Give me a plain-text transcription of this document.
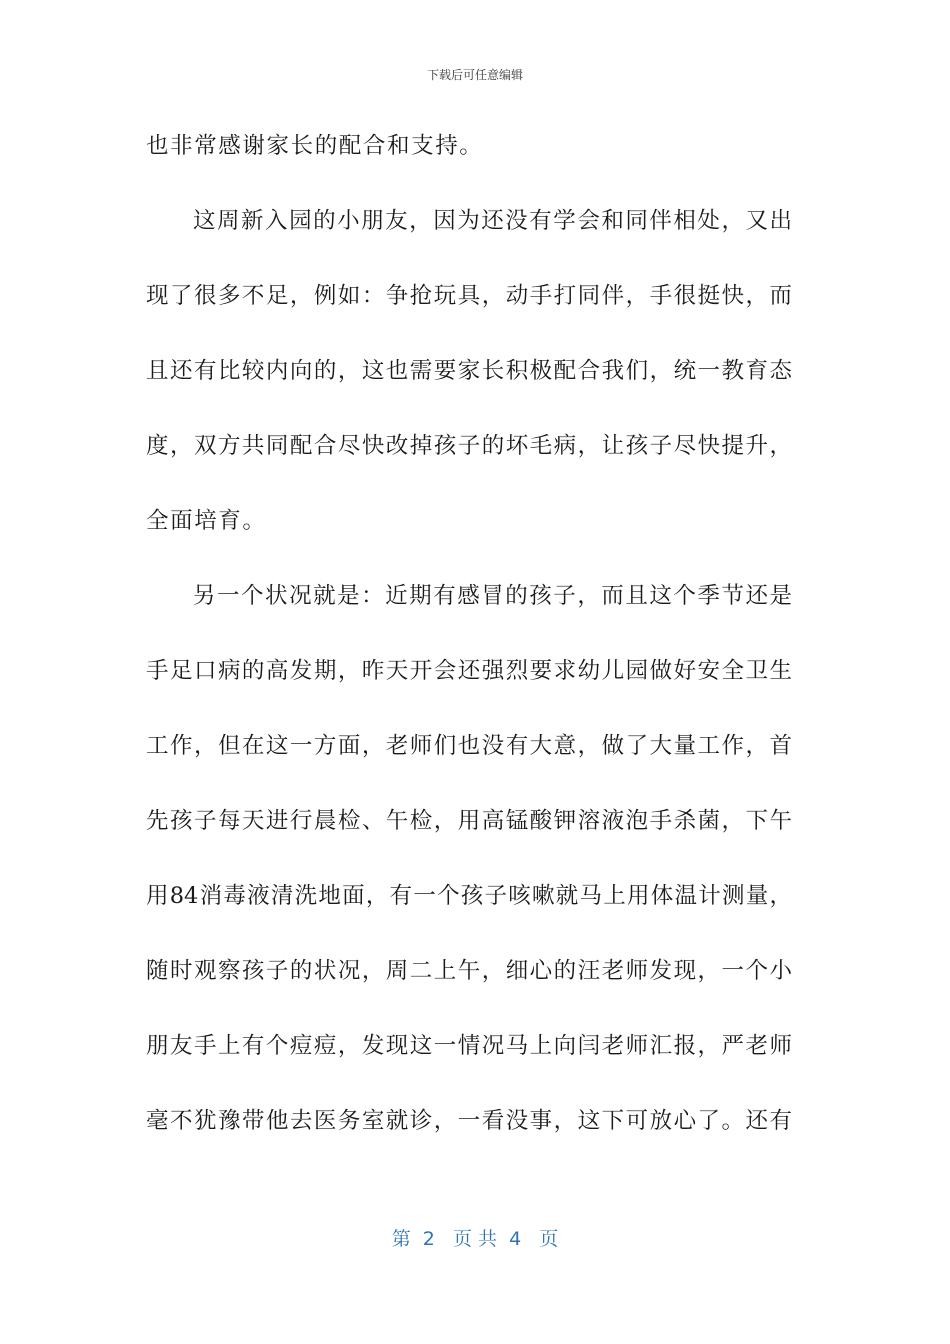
下载后可任意编辑
也非常感谢家长的配合和支持。
这周新入园的小朋友，因为还没有学会和同伴相处，又出
现了很多不足，例如：争抢玩具，动手打同伴，手很挺快，而
且还有比较内向的，这也需要家长积极配合我们，统一教育态
度，双方共同配合尽快改掉孩子的坏毛病，让孩子尽快提升，
全面培育。
另一个状况就是：近期有感冒的孩子，而且这个季节还是
手足口病的高发期，昨天开会还强烈要求幼儿园做好安全卫生
工作，但在这一方面，老师们也没有大意，做了大量工作，首
先孩子每天进行晨检、午检，用高锰酸钾溶液泡手杀菌，下午
用84消毒液清洗地面，有一个孩子咳嗽就马上用体温计测量，
随时观察孩子的状况，周二上午，细心的汪老师发现，一个小
朋友手上有个痘痘，发现这一情况马上向闫老师汇报，严老师
毫不犹豫带他去医务室就诊，一看没事，这下可放心了。还有
第  2   页 共  4   页
